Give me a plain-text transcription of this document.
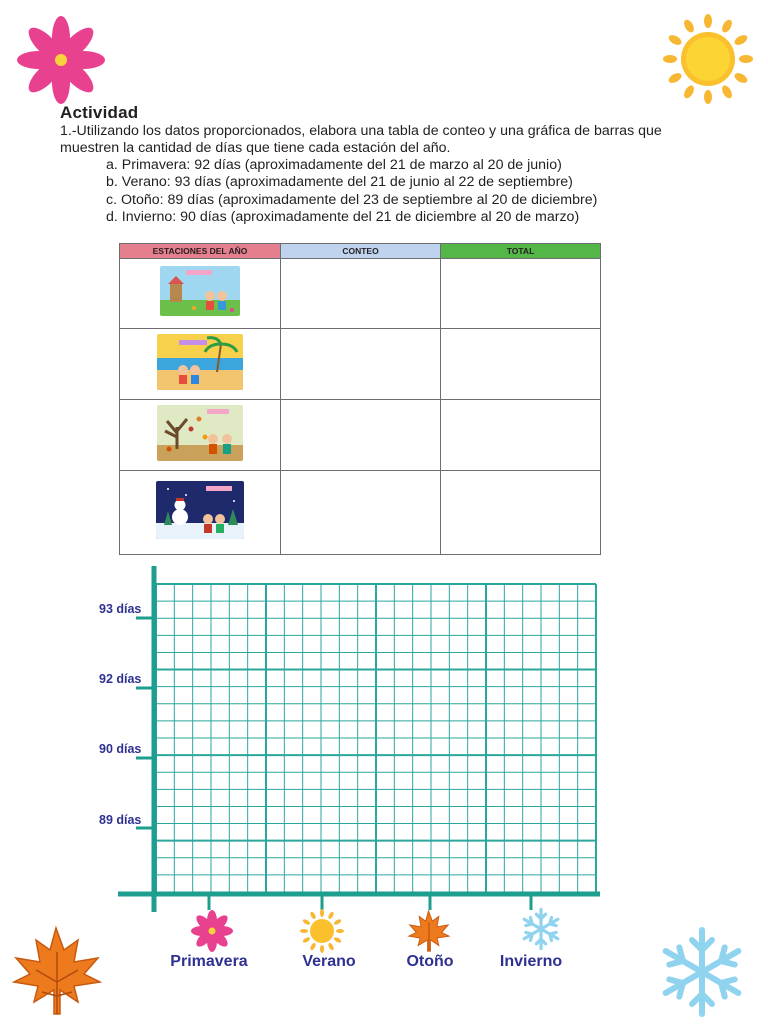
Actividad
1.-Utilizando los datos proporcionados, elabora una tabla de conteo y una gráfica de barras que muestren la cantidad de días que tiene cada estación del año.
a. Primavera: 92 días (aproximadamente del 21 de marzo al 20 de junio)
b. Verano: 93 días (aproximadamente del 21 de junio al 22 de septiembre)
c. Otoño: 89 días (aproximadamente del 23 de septiembre al 20 de diciembre)
d. Invierno: 90 días (aproximadamente del 21 de diciembre al 20 de marzo)
ESTACIONES DEL AÑO	CONTEO	TOTAL

93 días
92 días
90 días
89 días
Primavera	Verano	Otoño	Invierno
